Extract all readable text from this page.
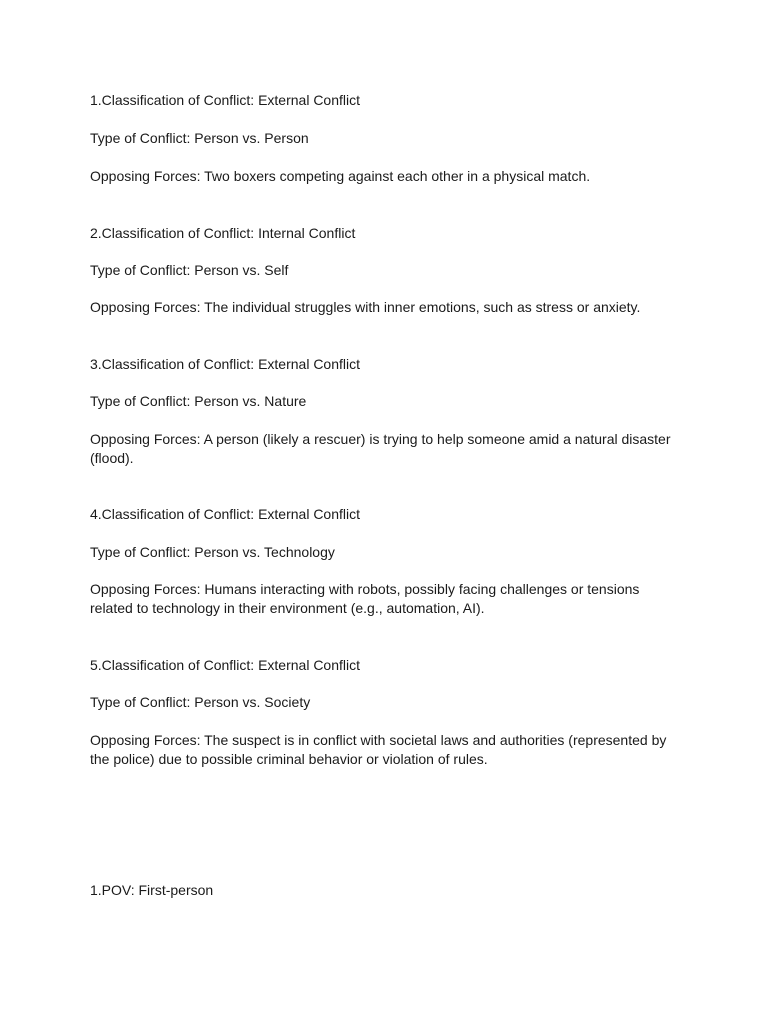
1.Classification of Conflict: External Conflict

Type of Conflict: Person vs. Person

Opposing Forces: Two boxers competing against each other in a physical match.

2.Classification of Conflict: Internal Conflict

Type of Conflict: Person vs. Self

Opposing Forces: The individual struggles with inner emotions, such as stress or anxiety.

3.Classification of Conflict: External Conflict

Type of Conflict: Person vs. Nature

Opposing Forces: A person (likely a rescuer) is trying to help someone amid a natural disaster (flood).

4.Classification of Conflict: External Conflict

Type of Conflict: Person vs. Technology

Opposing Forces: Humans interacting with robots, possibly facing challenges or tensions related to technology in their environment (e.g., automation, AI).

5.Classification of Conflict: External Conflict

Type of Conflict: Person vs. Society

Opposing Forces: The suspect is in conflict with societal laws and authorities (represented by the police) due to possible criminal behavior or violation of rules.

1.POV: First-person
